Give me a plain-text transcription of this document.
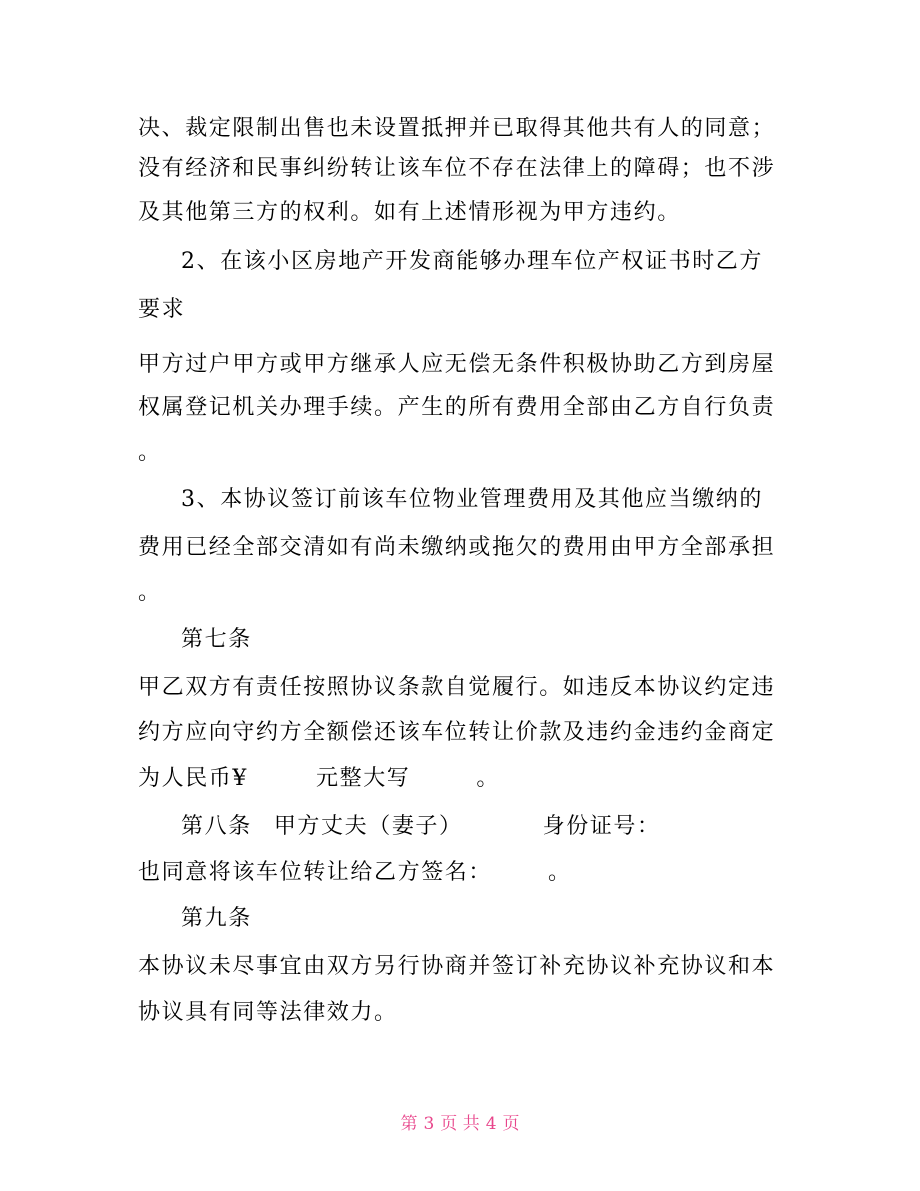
决、裁定限制出售也未设置抵押并已取得其他共有人的同意；
没有经济和民事纠纷转让该车位不存在法律上的障碍；也不涉
及其他第三方的权利。如有上述情形视为甲方违约。
2、在该小区房地产开发商能够办理车位产权证书时乙方
要求
甲方过户甲方或甲方继承人应无偿无条件积极协助乙方到房屋
权属登记机关办理手续。产生的所有费用全部由乙方自行负责
。
3、本协议签订前该车位物业管理费用及其他应当缴纳的
费用已经全部交清如有尚未缴纳或拖欠的费用由甲方全部承担
。
第七条
甲乙双方有责任按照协议条款自觉履行。如违反本协议约定违
约方应向守约方全额偿还该车位转让价款及违约金违约金商定
为人民币¥	元整大写	。
第八条 甲方丈夫（妻子）	身份证号：
也同意将该车位转让给乙方签名：	。
第九条
本协议未尽事宜由双方另行协商并签订补充协议补充协议和本
协议具有同等法律效力。
第 3 页 共 4 页
